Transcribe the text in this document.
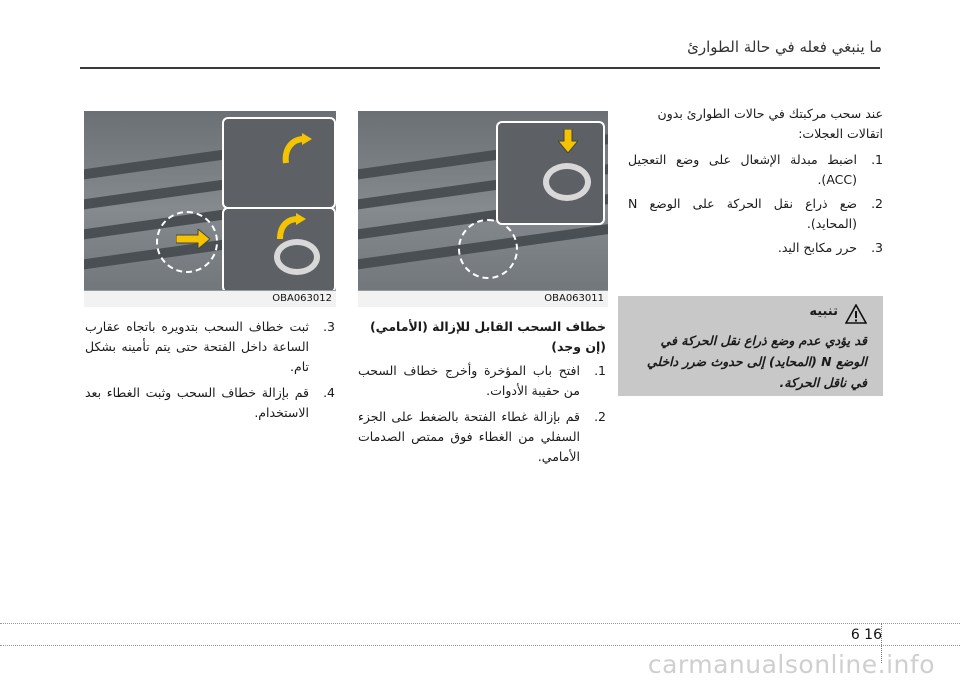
ما ينبغي فعله في حالة الطوارئ

عند سحب مركبتك في حالات الطوارئ بدون اتقالات العجلات:

1.
اضبط مبدلة الإشعال على وضع التعجيل (ACC).
2.
ضع ذراع نقل الحركة على الوضع N (المحايد).
3.
حرر مكابح اليد.
تنبيه
قد يؤدي عدم وضع ذراع نقل الحركة في الوضع N (المحايد) إلى حدوث ضرر داخلي في ناقل الحركة.
OBA063011
OBA063012
خطاف السحب القابل للإزالة (الأمامي) (إن وجد)
1.
افتح باب المؤخرة وأخرج خطاف السحب من حقيبة الأدوات.
2.
قم بإزالة غطاء الفتحة بالضغط على الجزء السفلي من الغطاء فوق ممتص الصدمات الأمامي.
3.
ثبت خطاف السحب بتدويره باتجاه عقارب الساعة داخل الفتحة حتى يتم تأمينه بشكل تام.
4.
قم بإزالة خطاف السحب وثبت الغطاء بعد الاستخدام.
6 16
carmanualsonline.info
